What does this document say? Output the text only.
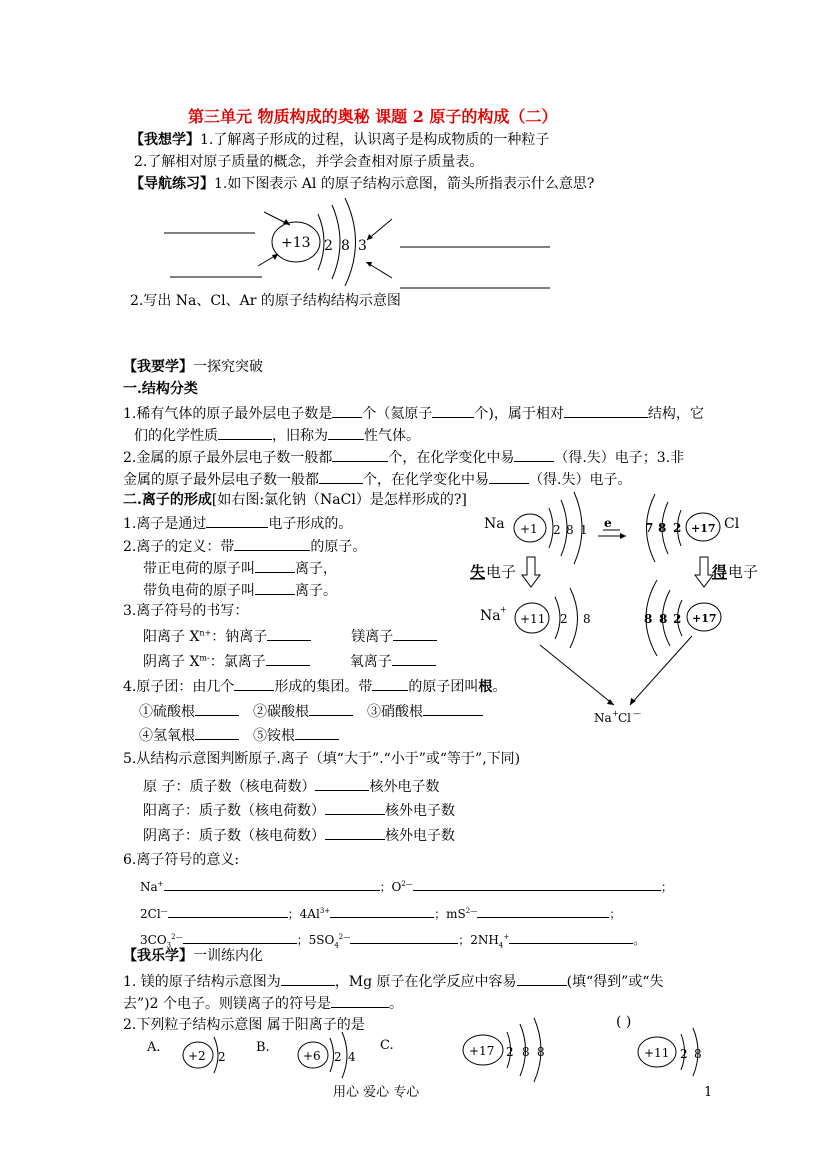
第三单元 物质构成的奥秘 课题 2 原子的构成（二）
【我想学】1.了解离子形成的过程，认识离子是构成物质的一种粒子
2.了解相对原子质量的概念，并学会查相对原子质量表。
【导航练习】1.如下图表示 Al 的原子结构示意图，箭头所指表示什么意思?
+13 2 8 3
2.写出 Na、Cl、Ar 的原子结构结构示意图
【我要学】一探究突破
一.结构分类
1.稀有气体的原子最外层电子数是 个（氦原子	个)，属于相对	结构，它
们的化学性质	，旧称为	性气体。
2.金属的原子最外层电子数一般都	个，在化学变化中易	（得.失）电子；3.非
金属的原子最外层电子数一般都	个，在化学变化中易	（得.失）电子。
二.离子的形成[如右图:氯化钠（NaCl）是怎样形成的?]
1.离子是通过	电子形成的。
2.离子的定义：带	的原子。
带正电荷的原子叫	离子，
带负电荷的原子叫	离子。
3.离子符号的书写：
阳离子 $X^{n+}$：钠离子	镁离子
阴离子 $X^{m-}$：氯离子	氧离子
4.原子团：由几个	形成的集团。带	的原子团叫根。
①硫酸根	②碳酸根	③硝酸根
④氢氧根	⑤铵根
5.从结构示意图判断原子.离子（填“大于”.“小于”或“等于”,下同)
原 子：质子数（核电荷数）	核外电子数
阳离子：质子数（核电荷数）	核外电子数
阴离子：质子数（核电荷数）	核外电子数
6.离子符号的意义:
Na+	；$O^{2—}$	；
2Cl—	；$4Al^{3+}$	；$mS^{2—}$	；
$3CO_3^{2—}$	；$5SO_4^{2—}$	；$2NH_4^+$	。
Na +1 2 8 1 e	7 8 2 +17 Cl
失 电子	得 电子
Na +
+11 2 8	8 8 2 +17
Na + Cl —
【我乐学】一训练内化
1. 镁的原子结构示意图为	，Mg 原子在化学反应中容易	(填“得到”或“失
去”)2 个电子。则镁离子的符号是	。
2.下列粒子结构示意图 属于阳离子的是	( )
A.
+2 2
B.
+6 2 4
C.	+17 2 8 8	+11 2 8
用心 爱心 专心	1
